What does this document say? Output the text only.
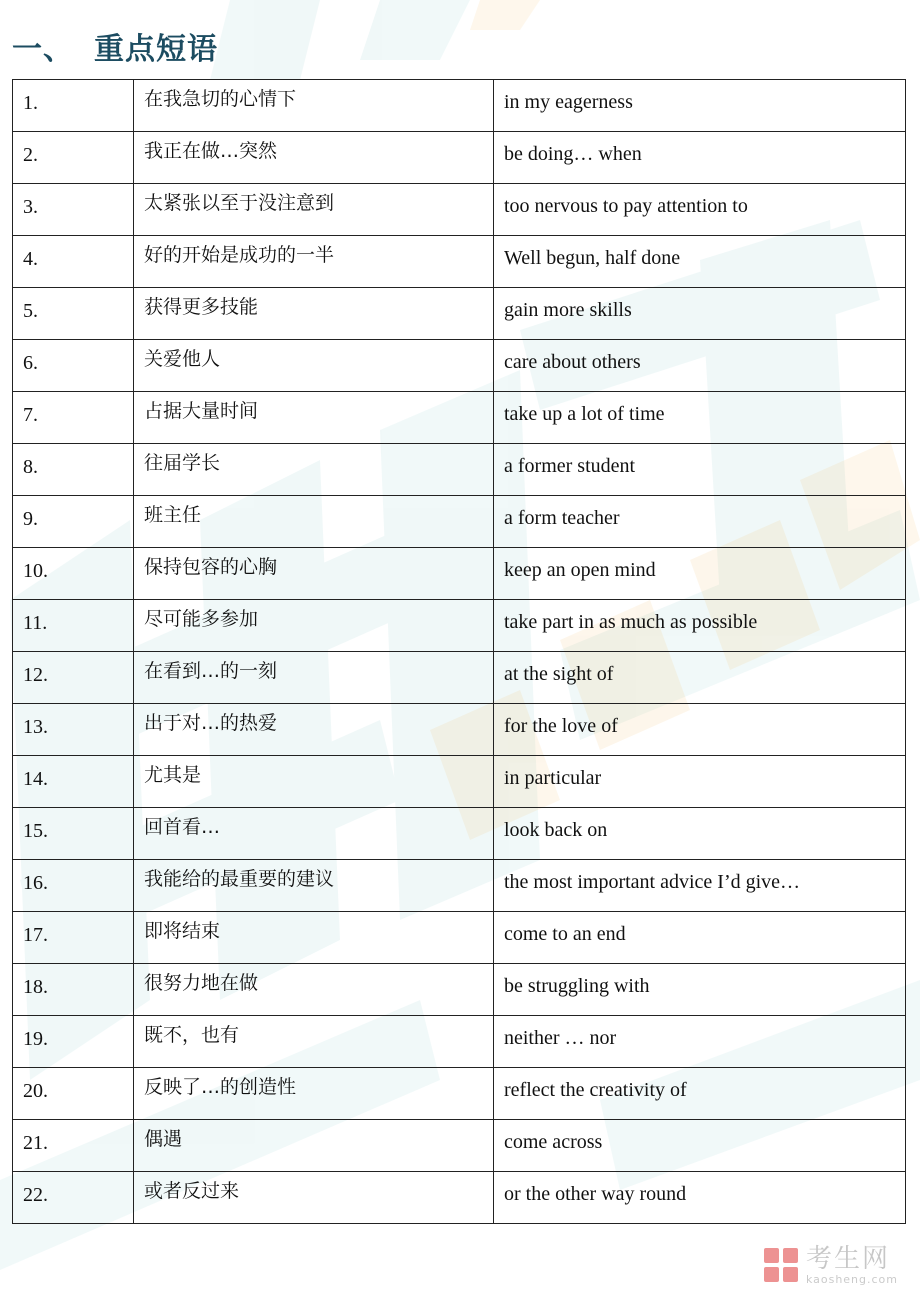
一、 重点短语
1.	在我急切的心情下	in my eagerness
2.	我正在做…突然	be doing… when
3.	太紧张以至于没注意到	too nervous to pay attention to
4.	好的开始是成功的一半	Well begun, half done
5.	获得更多技能	gain more skills
6.	关爱他人	care about others
7.	占据大量时间	take up a lot of time
8.	往届学长	a former student
9.	班主任	a form teacher
10.	保持包容的心胸	keep an open mind
11.	尽可能多参加	take part in as much as possible
12.	在看到…的一刻	at the sight of
13.	出于对…的热爱	for the love of
14.	尤其是	in particular
15.	回首看…	look back on
16.	我能给的最重要的建议	the most important advice I’d give…
17.	即将结束	come to an end
18.	很努力地在做	be struggling with
19.	既不，也有	neither … nor
20.	反映了…的创造性	reflect the creativity of
21.	偶遇	come across
22.	或者反过来	or the other way round
考生网
kaosheng.com
